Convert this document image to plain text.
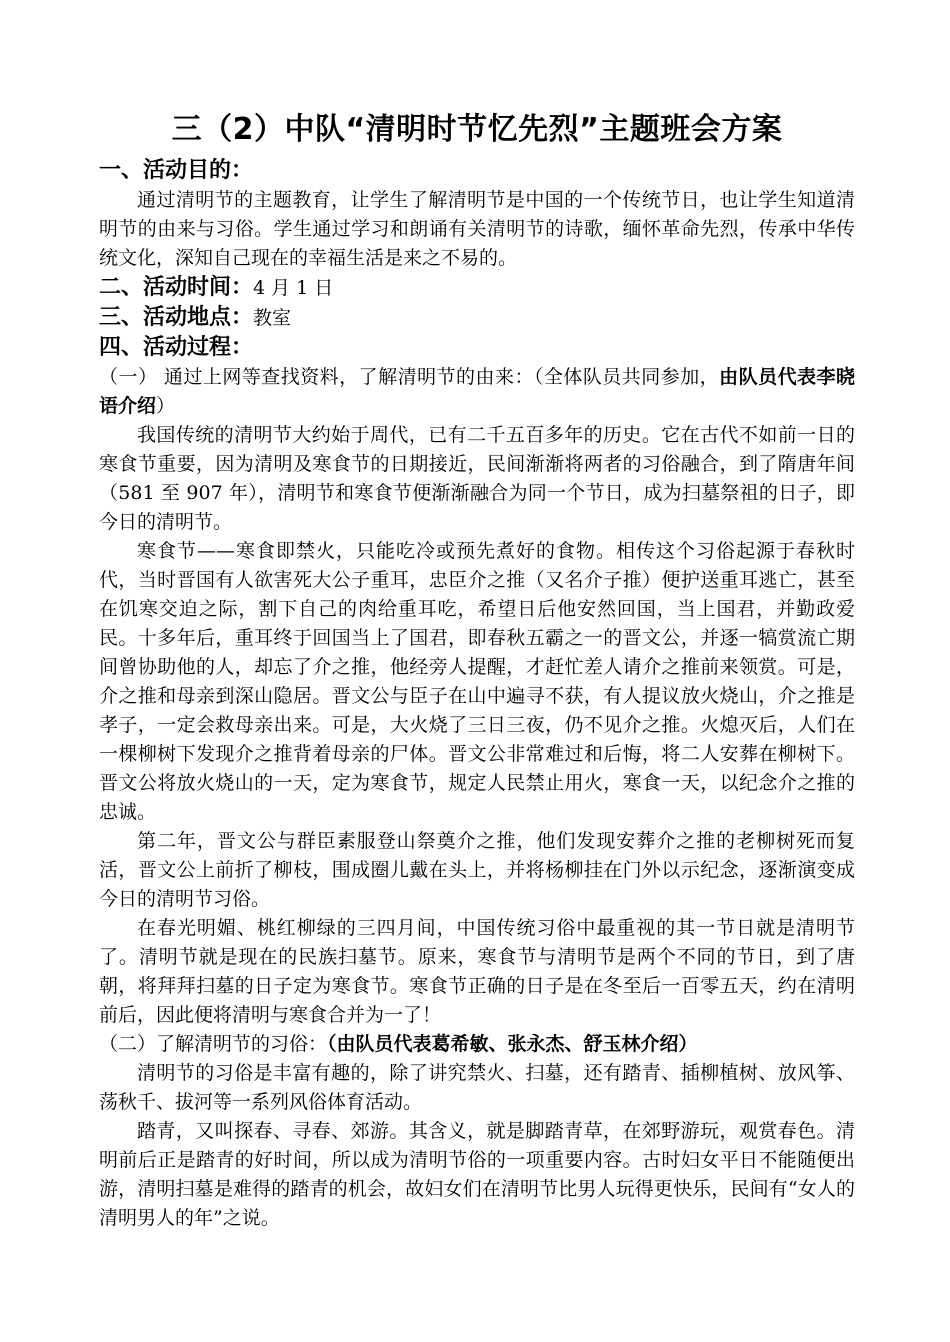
三（2）中队“清明时节忆先烈”主题班会方案
一、活动目的：

通过清明节的主题教育，让学生了解清明节是中国的一个传统节日，也让学生知道清明节的由来与习俗。学生通过学习和朗诵有关清明节的诗歌，缅怀革命先烈，传承中华传统文化，深知自己现在的幸福生活是来之不易的。

二、活动时间：4 月 1 日
三、活动地点：教室
四、活动过程：

（一） 通过上网等查找资料，了解清明节的由来：（全体队员共同参加，由队员代表李晓语介绍）

我国传统的清明节大约始于周代，已有二千五百多年的历史。它在古代不如前一日的寒食节重要，因为清明及寒食节的日期接近，民间渐渐将两者的习俗融合，到了隋唐年间（581 至 907 年），清明节和寒食节便渐渐融合为同一个节日，成为扫墓祭祖的日子，即今日的清明节。

寒食节——寒食即禁火，只能吃冷或预先煮好的食物。相传这个习俗起源于春秋时代，当时晋国有人欲害死大公子重耳，忠臣介之推（又名介子推）便护送重耳逃亡，甚至在饥寒交迫之际，割下自己的肉给重耳吃，希望日后他安然回国，当上国君，并勤政爱民。十多年后，重耳终于回国当上了国君，即春秋五霸之一的晋文公，并逐一犒赏流亡期间曾协助他的人，却忘了介之推，他经旁人提醒，才赶忙差人请介之推前来领赏。可是，介之推和母亲到深山隐居。晋文公与臣子在山中遍寻不获，有人提议放火烧山，介之推是孝子，一定会救母亲出来。可是，大火烧了三日三夜，仍不见介之推。火熄灭后，人们在一棵柳树下发现介之推背着母亲的尸体。晋文公非常难过和后悔，将二人安葬在柳树下。晋文公将放火烧山的一天，定为寒食节，规定人民禁止用火，寒食一天，以纪念介之推的忠诚。

第二年，晋文公与群臣素服登山祭奠介之推，他们发现安葬介之推的老柳树死而复活，晋文公上前折了柳枝，围成圈儿戴在头上，并将杨柳挂在门外以示纪念，逐渐演变成今日的清明节习俗。

在春光明媚、桃红柳绿的三四月间，中国传统习俗中最重视的其一节日就是清明节了。清明节就是现在的民族扫墓节。原来，寒食节与清明节是两个不同的节日，到了唐朝，将拜拜扫墓的日子定为寒食节。寒食节正确的日子是在冬至后一百零五天，约在清明前后，因此便将清明与寒食合并为一了！

（二）了解清明节的习俗：（由队员代表葛希敏、张永杰、舒玉林介绍）

清明节的习俗是丰富有趣的，除了讲究禁火、扫墓，还有踏青、插柳植树、放风筝、荡秋千、拔河等一系列风俗体育活动。

踏青，又叫探春、寻春、郊游。其含义，就是脚踏青草，在郊野游玩，观赏春色。清明前后正是踏青的好时间，所以成为清明节俗的一项重要内容。古时妇女平日不能随便出游，清明扫墓是难得的踏青的机会，故妇女们在清明节比男人玩得更快乐，民间有“女人的清明男人的年”之说。
